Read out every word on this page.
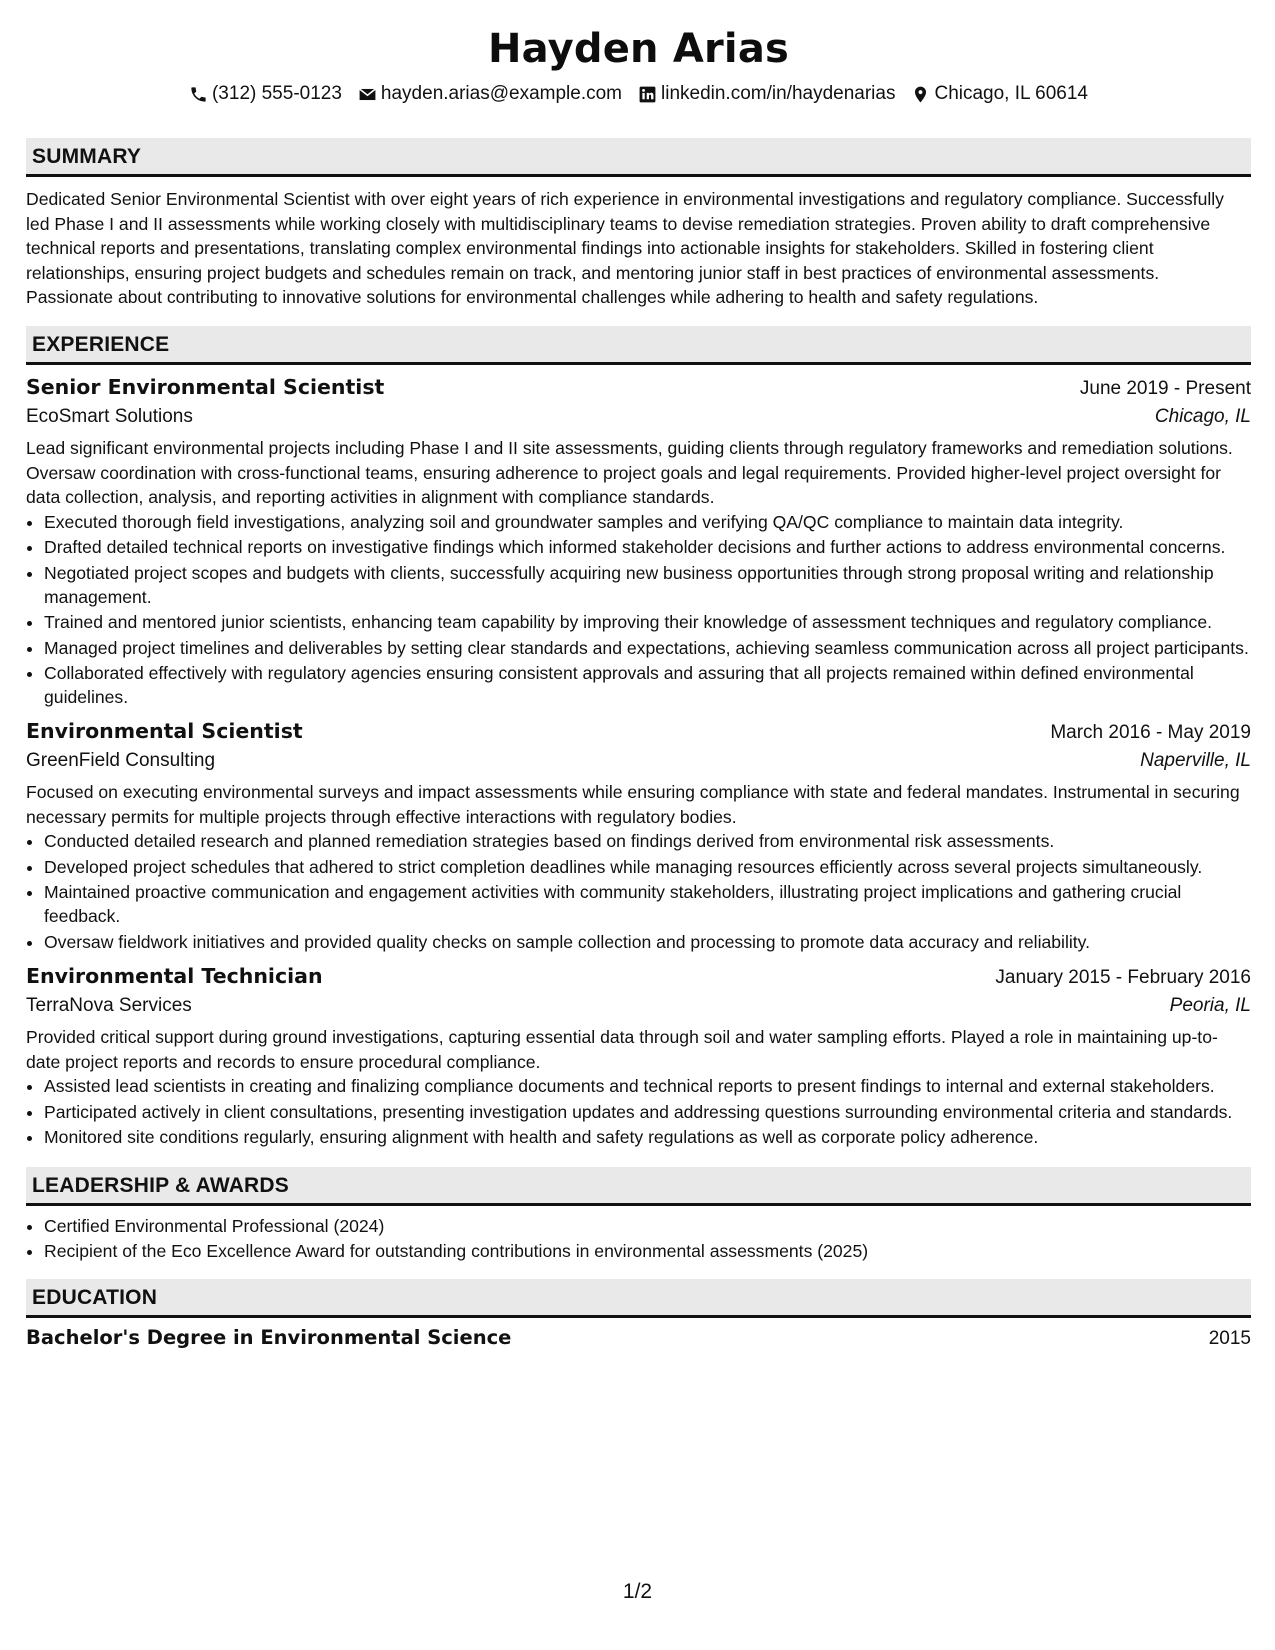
Hayden Arias
(312) 555-0123 hayden.arias@example.com linkedin.com/in/haydenarias Chicago, IL 60614
SUMMARY
Dedicated Senior Environmental Scientist with over eight years of rich experience in environmental investigations and regulatory compliance. Successfully led Phase I and II assessments while working closely with multidisciplinary teams to devise remediation strategies. Proven ability to draft comprehensive technical reports and presentations, translating complex environmental findings into actionable insights for stakeholders. Skilled in fostering client relationships, ensuring project budgets and schedules remain on track, and mentoring junior staff in best practices of environmental assessments. Passionate about contributing to innovative solutions for environmental challenges while adhering to health and safety regulations.
EXPERIENCE
Senior Environmental Scientist	June 2019 - Present
EcoSmart Solutions	Chicago, IL
Lead significant environmental projects including Phase I and II site assessments, guiding clients through regulatory frameworks and remediation solutions. Oversaw coordination with cross-functional teams, ensuring adherence to project goals and legal requirements. Provided higher-level project oversight for data collection, analysis, and reporting activities in alignment with compliance standards.
• Executed thorough field investigations, analyzing soil and groundwater samples and verifying QA/QC compliance to maintain data integrity.
• Drafted detailed technical reports on investigative findings which informed stakeholder decisions and further actions to address environmental concerns.
• Negotiated project scopes and budgets with clients, successfully acquiring new business opportunities through strong proposal writing and relationship management.
• Trained and mentored junior scientists, enhancing team capability by improving their knowledge of assessment techniques and regulatory compliance.
• Managed project timelines and deliverables by setting clear standards and expectations, achieving seamless communication across all project participants.
• Collaborated effectively with regulatory agencies ensuring consistent approvals and assuring that all projects remained within defined environmental guidelines.
Environmental Scientist	March 2016 - May 2019
GreenField Consulting	Naperville, IL
Focused on executing environmental surveys and impact assessments while ensuring compliance with state and federal mandates. Instrumental in securing necessary permits for multiple projects through effective interactions with regulatory bodies.
• Conducted detailed research and planned remediation strategies based on findings derived from environmental risk assessments.
• Developed project schedules that adhered to strict completion deadlines while managing resources efficiently across several projects simultaneously.
• Maintained proactive communication and engagement activities with community stakeholders, illustrating project implications and gathering crucial feedback.
• Oversaw fieldwork initiatives and provided quality checks on sample collection and processing to promote data accuracy and reliability.
Environmental Technician	January 2015 - February 2016
TerraNova Services	Peoria, IL
Provided critical support during ground investigations, capturing essential data through soil and water sampling efforts. Played a role in maintaining up-to-date project reports and records to ensure procedural compliance.
• Assisted lead scientists in creating and finalizing compliance documents and technical reports to present findings to internal and external stakeholders.
• Participated actively in client consultations, presenting investigation updates and addressing questions surrounding environmental criteria and standards.
• Monitored site conditions regularly, ensuring alignment with health and safety regulations as well as corporate policy adherence.
LEADERSHIP & AWARDS
• Certified Environmental Professional (2024)
• Recipient of the Eco Excellence Award for outstanding contributions in environmental assessments (2025)
EDUCATION
Bachelor's Degree in Environmental Science	2015
1/2
